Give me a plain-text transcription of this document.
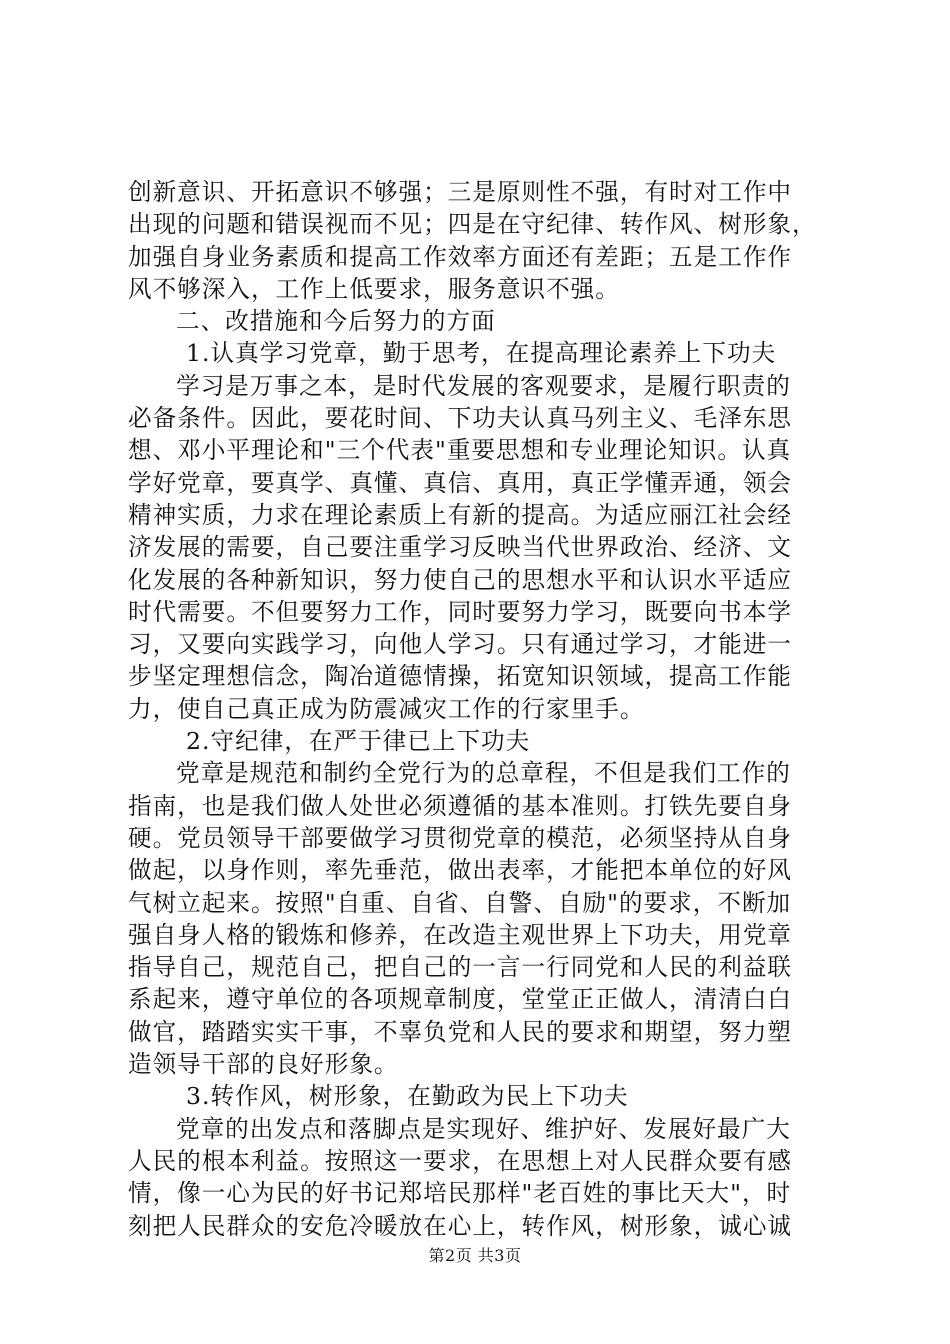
创新意识、开拓意识不够强；三是原则性不强，有时对工作中
出现的问题和错误视而不见；四是在守纪律、转作风、树形象，
加强自身业务素质和提高工作效率方面还有差距；五是工作作
风不够深入，工作上低要求，服务意识不强。
二、改措施和今后努力的方面
1.认真学习党章，勤于思考，在提高理论素养上下功夫
学习是万事之本，是时代发展的客观要求，是履行职责的
必备条件。因此，要花时间、下功夫认真马列主义、毛泽东思
想、邓小平理论和"三个代表"重要思想和专业理论知识。认真
学好党章，要真学、真懂、真信、真用，真正学懂弄通，领会
精神实质，力求在理论素质上有新的提高。为适应丽江社会经
济发展的需要，自己要注重学习反映当代世界政治、经济、文
化发展的各种新知识，努力使自己的思想水平和认识水平适应
时代需要。不但要努力工作，同时要努力学习，既要向书本学
习，又要向实践学习，向他人学习。只有通过学习，才能进一
步坚定理想信念，陶冶道德情操，拓宽知识领域，提高工作能
力，使自己真正成为防震减灾工作的行家里手。
2.守纪律，在严于律已上下功夫
党章是规范和制约全党行为的总章程，不但是我们工作的
指南，也是我们做人处世必须遵循的基本准则。打铁先要自身
硬。党员领导干部要做学习贯彻党章的模范，必须坚持从自身
做起，以身作则，率先垂范，做出表率，才能把本单位的好风
气树立起来。按照"自重、自省、自警、自励"的要求，不断加
强自身人格的锻炼和修养，在改造主观世界上下功夫，用党章
指导自己，规范自己，把自己的一言一行同党和人民的利益联
系起来，遵守单位的各项规章制度，堂堂正正做人，清清白白
做官，踏踏实实干事，不辜负党和人民的要求和期望，努力塑
造领导干部的良好形象。
3.转作风，树形象，在勤政为民上下功夫
党章的出发点和落脚点是实现好、维护好、发展好最广大
人民的根本利益。按照这一要求，在思想上对人民群众要有感
情，像一心为民的好书记郑培民那样"老百姓的事比天大"，时
刻把人民群众的安危冷暖放在心上，转作风，树形象，诚心诚
第2页 共3页
